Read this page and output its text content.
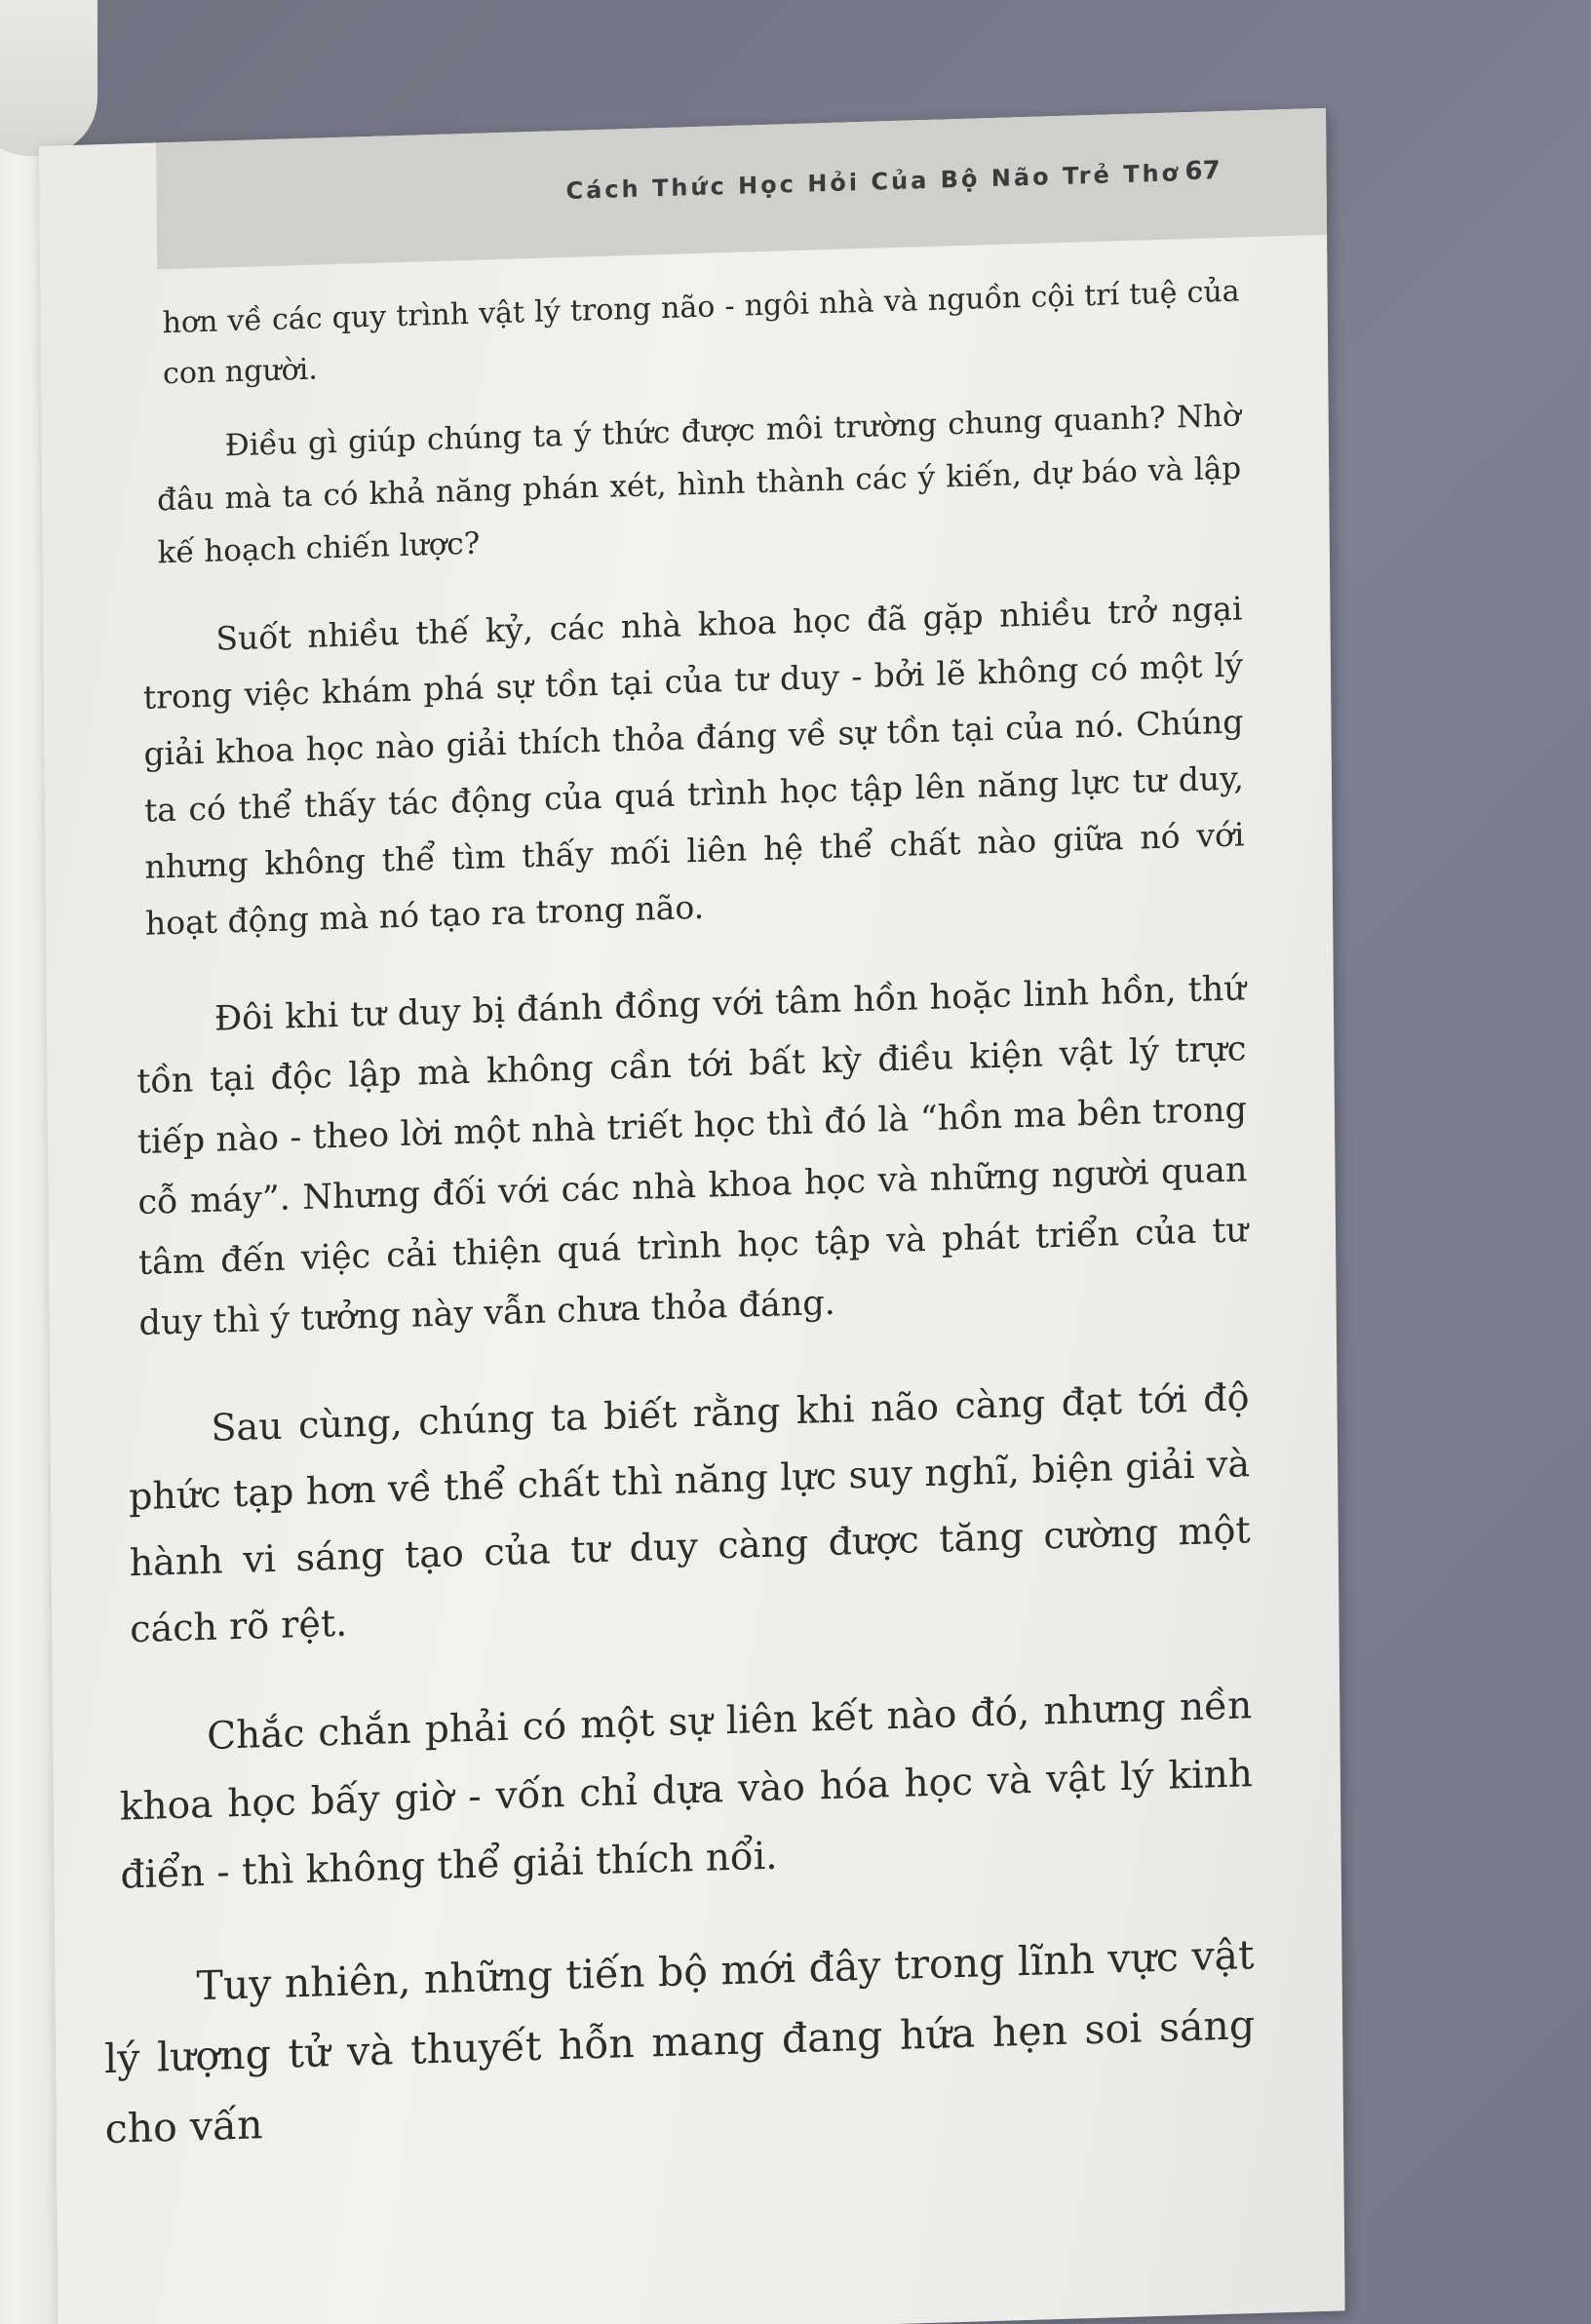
Cách Thức Học Hỏi Của Bộ Não Trẻ Thơ 67

hơn về các quy trình vật lý trong não - ngôi nhà và nguồn cội trí tuệ của con người.

Điều gì giúp chúng ta ý thức được môi trường chung quanh? Nhờ đâu mà ta có khả năng phán xét, hình thành các ý kiến, dự báo và lập kế hoạch chiến lược?

Suốt nhiều thế kỷ, các nhà khoa học đã gặp nhiều trở ngại trong việc khám phá sự tồn tại của tư duy - bởi lẽ không có một lý giải khoa học nào giải thích thỏa đáng về sự tồn tại của nó. Chúng ta có thể thấy tác động của quá trình học tập lên năng lực tư duy, nhưng không thể tìm thấy mối liên hệ thể chất nào giữa nó với hoạt động mà nó tạo ra trong não.

Đôi khi tư duy bị đánh đồng với tâm hồn hoặc linh hồn, thứ tồn tại độc lập mà không cần tới bất kỳ điều kiện vật lý trực tiếp nào - theo lời một nhà triết học thì đó là “hồn ma bên trong cỗ máy”. Nhưng đối với các nhà khoa học và những người quan tâm đến việc cải thiện quá trình học tập và phát triển của tư duy thì ý tưởng này vẫn chưa thỏa đáng.

Sau cùng, chúng ta biết rằng khi não càng đạt tới độ phức tạp hơn về thể chất thì năng lực suy nghĩ, biện giải và hành vi sáng tạo của tư duy càng được tăng cường một cách rõ rệt.

Chắc chắn phải có một sự liên kết nào đó, nhưng nền khoa học bấy giờ - vốn chỉ dựa vào hóa học và vật lý kinh điển - thì không thể giải thích nổi.

Tuy nhiên, những tiến bộ mới đây trong lĩnh vực vật lý lượng tử và thuyết hỗn mang đang hứa hẹn soi sáng cho vấn
